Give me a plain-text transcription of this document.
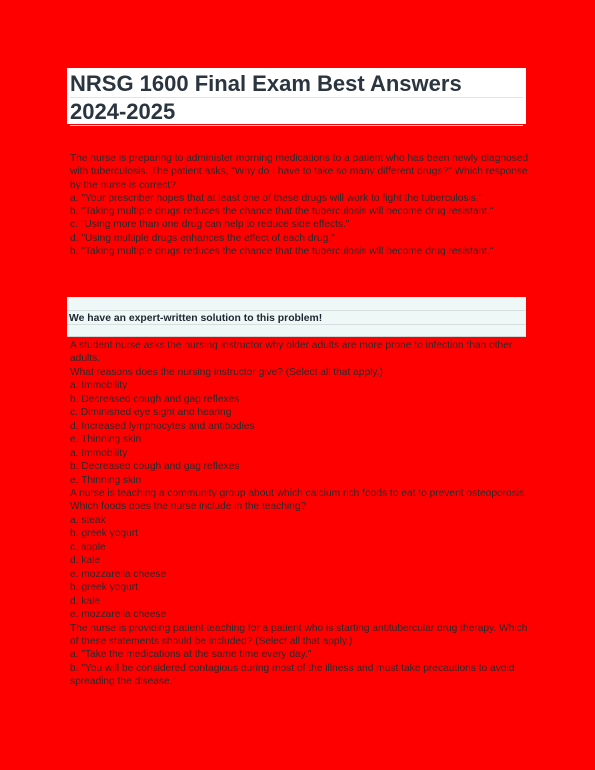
NRSG 1600 Final Exam Best Answers
2024-2025
The nurse is preparing to administer morning medications to a patient who has been newly diagnosed with tuberculosis. The patient asks, "Why do I have to take so many different drugs?" Which response by the nurse is correct?
a. "Your prescriber hopes that at least one of these drugs will work to fight the tuberculosis."
b. "Taking multiple drugs reduces the chance that the tuberculosis will become drug resistant."
c. "Using more than one drug can help to reduce side effects."
d. "Using multiple drugs enhances the effect of each drug."
b. "Taking multiple drugs reduces the chance that the tuberculosis will become drug resistant."
We have an expert-written solution to this problem!
A student nurse asks the nursing instructor why older adults are more prone to infection than other adults.
What reasons does the nursing instructor give? (Select all that apply.)
a. Immobility
b. Decreased cough and gag reflexes
c. Diminished eye sight and hearing
d. Increased lymphocytes and antibodies
e. Thinning skin
a. Immobility
b. Decreased cough and gag reflexes
e. Thinning skin
A nurse is teaching a community group about which calcium rich foods to eat to prevent osteoporosis. Which foods does the nurse include in the teaching?
a. steak
b. greek yogurt
c. apple
d. kale
e. mozzarella cheese
b. greek yogurt
d. kale
e. mozzarella cheese
The nurse is providing patient teaching for a patient who is starting antitubercular drug therapy. Which of these statements should be included? (Select all that apply.)
a. "Take the medications at the same time every day."
b. "You will be considered contagious during most of the illness and must take precautions to avoid spreading the disease."
